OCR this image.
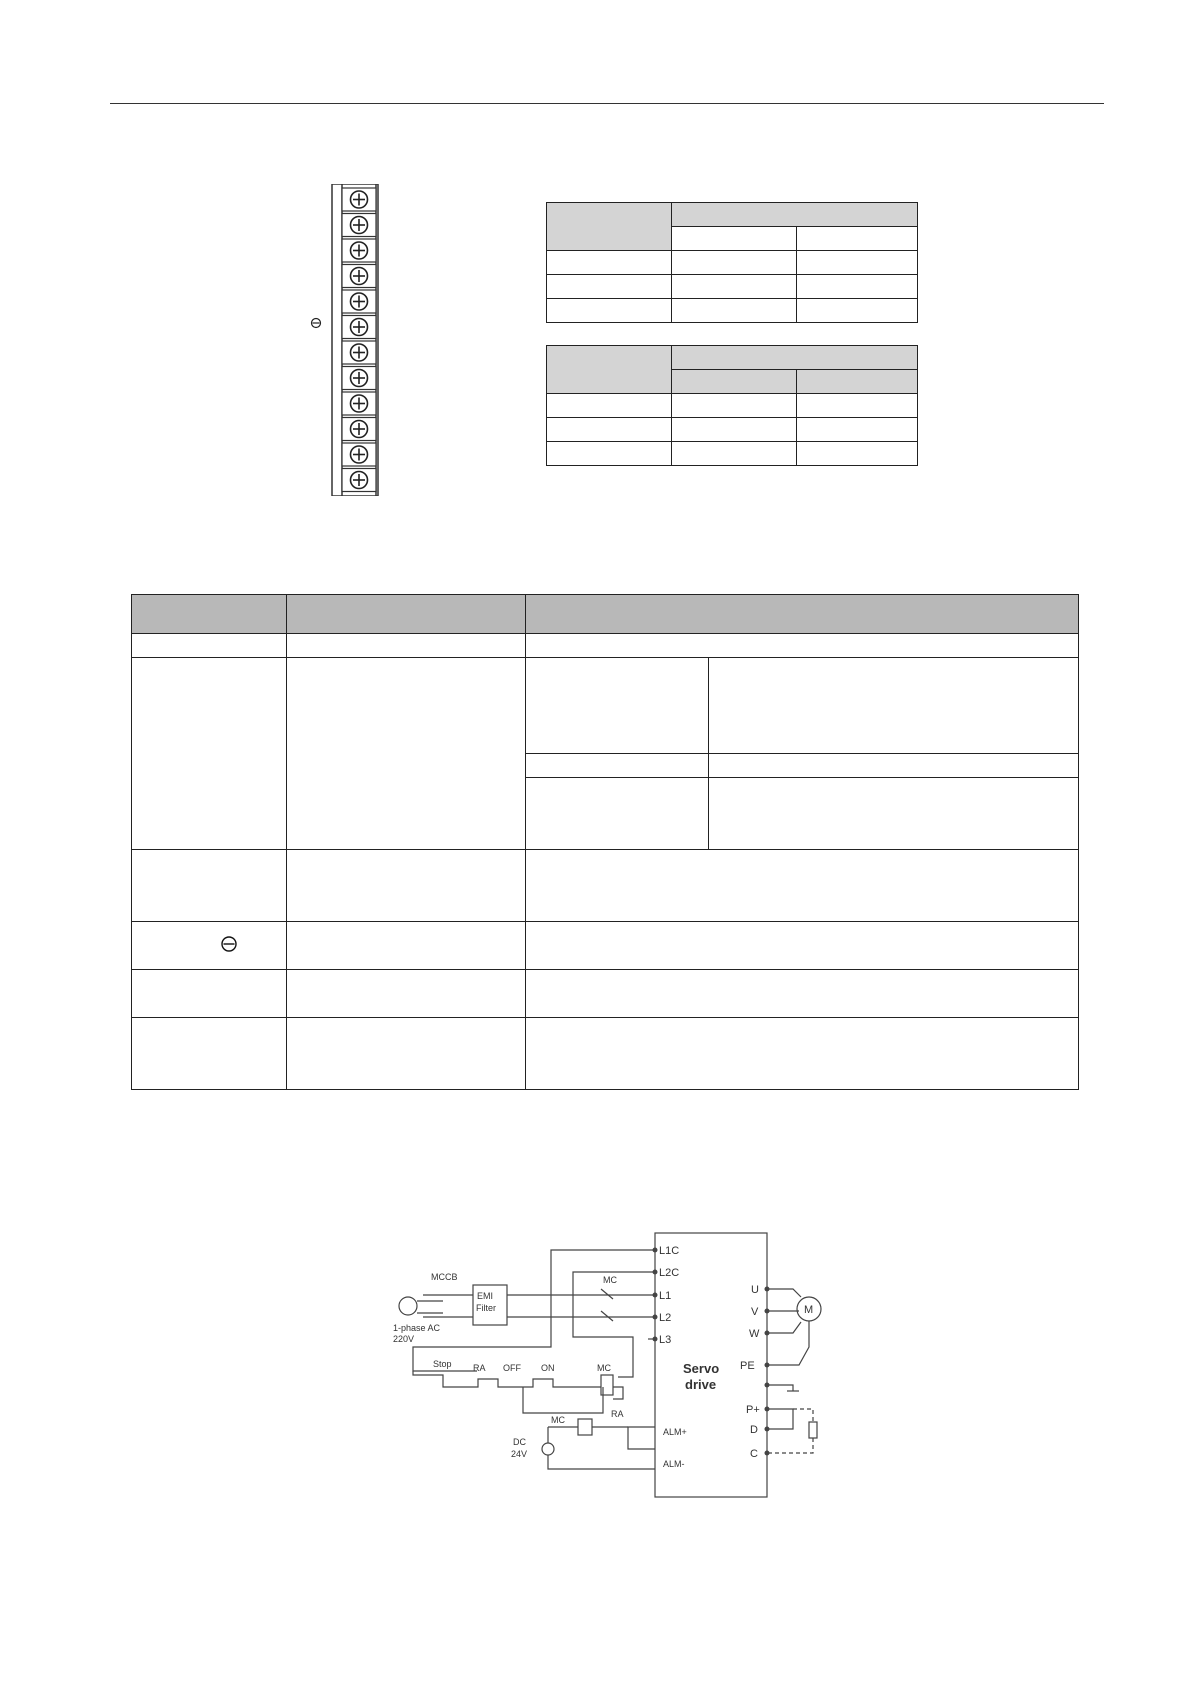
L1C
L2C
L1
L2
L3
U
V
W
PE
P+
D
C
M
Servo
drive
MCCB
EMI
Filter
1-phase AC
220V
MC
Stop RA OFF ON	MC
MC
RA
ALM+
ALM-
DC
24V
